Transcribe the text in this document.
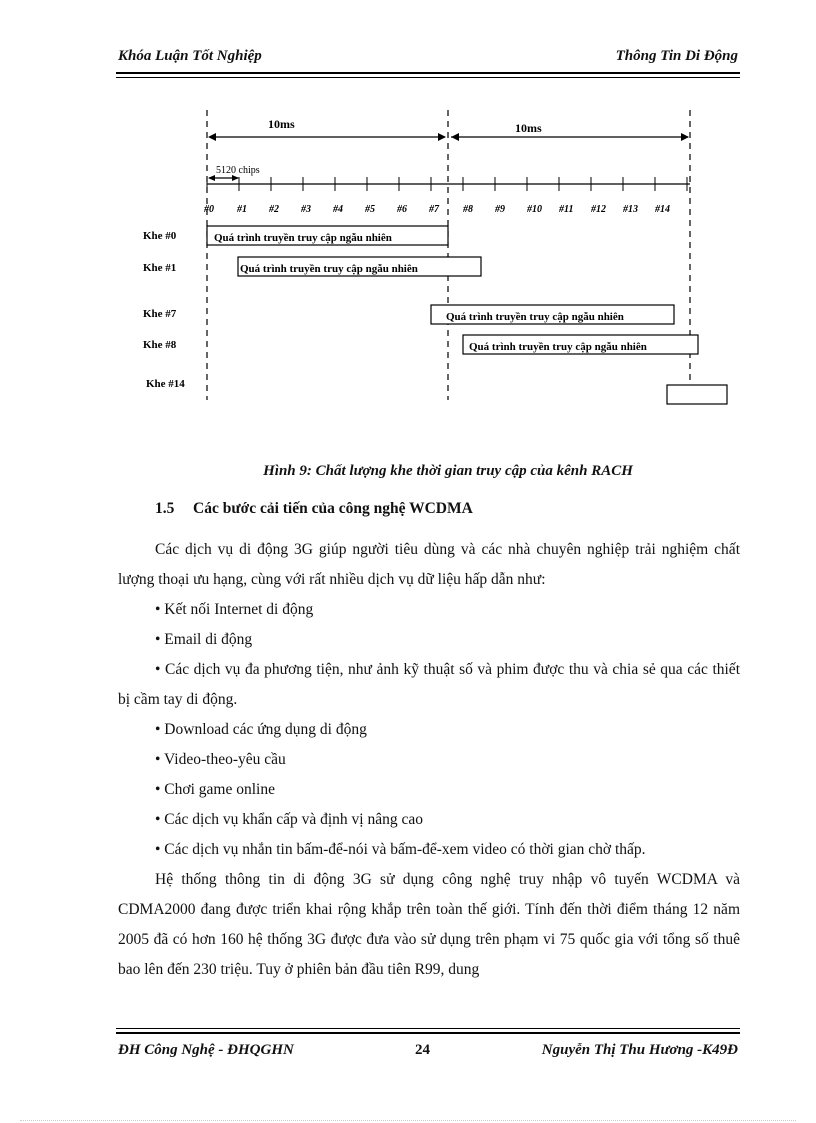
Khóa Luận Tốt Nghiệp	Thông Tin Di Động
10ms	10ms
5120 chips
#0 #1 #2 #3 #4 #5 #6 #7 #8 #9 #10 #11 #12 #13 #14
Khe #0	Quá trình truyền truy cập ngẫu nhiên
Khe #1	Quá trình truyền truy cập ngẫu nhiên
Khe #7	Quá trình truyền truy cập ngẫu nhiên
Khe #8	Quá trình truyền truy cập ngẫu nhiên
Khe #14
Hình 9: Chất lượng khe thời gian truy cập của kênh RACH
1.5 Các bước cải tiến của công nghệ WCDMA

Các dịch vụ di động 3G giúp người tiêu dùng và các nhà chuyên nghiệp trải nghiệm chất lượng thoại ưu hạng, cùng với rất nhiều dịch vụ dữ liệu hấp dẫn như:

• Kết nối Internet di động

• Email di động

• Các dịch vụ đa phương tiện, như ảnh kỹ thuật số và phim được thu và chia sẻ qua các thiết bị cầm tay di động.

• Download các ứng dụng di động

• Video-theo-yêu cầu

• Chơi game online

• Các dịch vụ khẩn cấp và định vị nâng cao

• Các dịch vụ nhắn tin bấm-để-nói và bấm-để-xem video có thời gian chờ thấp.

Hệ thống thông tin di động 3G sử dụng công nghệ truy nhập vô tuyến WCDMA và CDMA2000 đang được triển khai rộng khắp trên toàn thế giới. Tính đến thời điểm tháng 12 năm 2005 đã có hơn 160 hệ thống 3G được đưa vào sử dụng trên phạm vi 75 quốc gia với tổng số thuê bao lên đến 230 triệu. Tuy ở phiên bản đầu tiên R99, dung

ĐH Công Nghệ - ĐHQGHN	24	Nguyễn Thị Thu Hương -K49Đ
